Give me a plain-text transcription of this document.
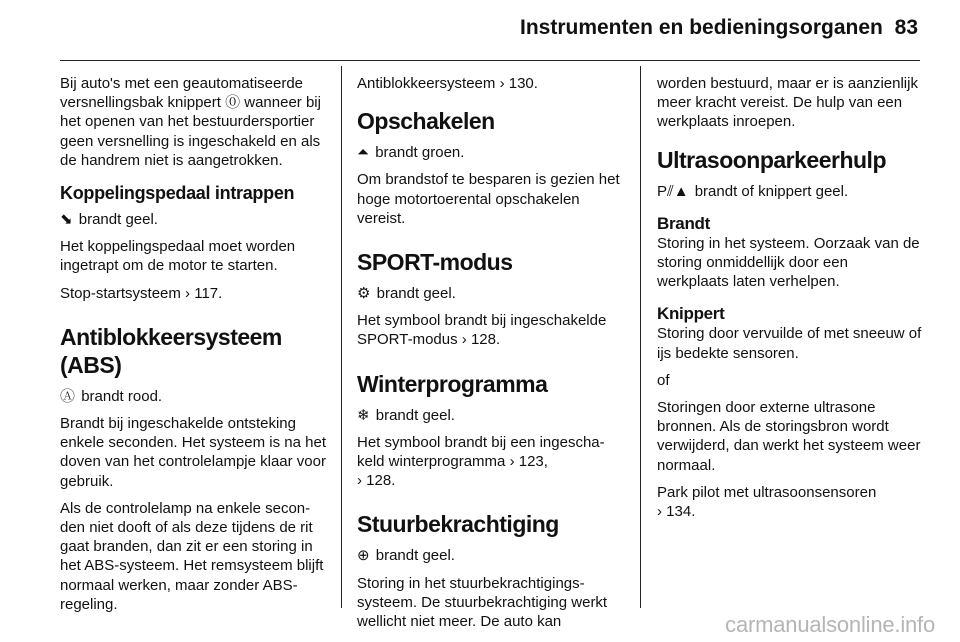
Instrumenten en bedieningsorganen 83

Bij auto's met een geautomatiseerde versnellingsbak knippert ⓪ wanneer bij het openen van het bestuurdersportier geen versnelling is ingeschakeld en als de handrem niet is aangetrokken.

Koppelingspedaal intrappen

⬊ brandt geel.

Het koppelingspedaal moet worden ingetrapt om de motor te starten.

Stop-startsysteem › 117.

Antiblokkeersysteem (ABS)

Ⓐ brandt rood.

Brandt bij ingeschakelde ontsteking enkele seconden. Het systeem is na het doven van het controlelampje klaar voor gebruik.

Als de controlelamp na enkele seconden niet dooft of als deze tijdens de rit gaat branden, dan zit er een storing in het ABS-systeem. Het remsysteem blijft normaal werken, maar zonder ABS-regeling.

Antiblokkeersysteem › 130.

Opschakelen

⏶ brandt groen.

Om brandstof te besparen is gezien het hoge motortoerental opschakelen vereist.

SPORT-modus

⚙ brandt geel.

Het symbool brandt bij ingeschakelde SPORT-modus › 128.

Winterprogramma

❄ brandt geel.

Het symbool brandt bij een ingeschakeld winterprogramma › 123,
› 128.

Stuurbekrachtiging

⊕ brandt geel.

Storing in het stuurbekrachtigingssysteem. De stuurbekrachtiging werkt wellicht niet meer. De auto kan

worden bestuurd, maar er is aanzienlijk meer kracht vereist. De hulp van een werkplaats inroepen.

Ultrasoonparkeerhulp

P⫽▲ brandt of knippert geel.

Brandt

Storing in het systeem. Oorzaak van de storing onmiddellijk door een werkplaats laten verhelpen.

Knippert

Storing door vervuilde of met sneeuw of ijs bedekte sensoren.

of

Storingen door externe ultrasone bronnen. Als de storingsbron wordt verwijderd, dan werkt het systeem weer normaal.

Park pilot met ultrasoonsensoren
› 134.

carmanualsonline.info
